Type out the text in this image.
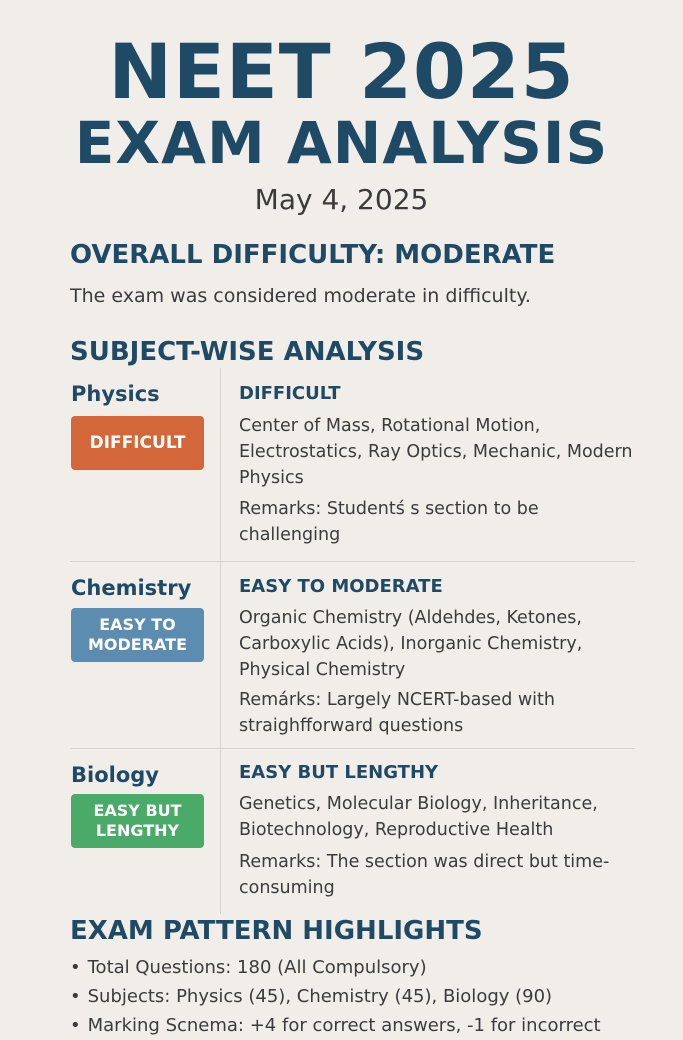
NEET 2025
EXAM ANALYSIS
May 4, 2025
OVERALL DIFFICULTY: MODERATE
The exam was considered moderate in difficulty.
SUBJECT-WISE ANALYSIS
Physics
DIFFICULT
DIFFICULT
Center of Mass, Rotational Motion, Electrostatics, Ray Optics, Mechanic, Modern Physics
Remarks: Studentś s section to be challenging
Chemistry
EASY TO MODERATE
EASY TO MODERATE
Organic Chemistry (Aldehdes, Ketones, Carboxylic Acids), Inorganic Chemistry, Physical Chemistry
Remárks: Largely NCERT-based with straighfforward questions
Biology
EASY BUT LENGTHY
EASY BUT LENGTHY
Genetics, Molecular Biology, Inheritance, Biotechnology, Reproductive Health
Remarks: The section was direct but time-consuming
EXAM PATTERN HIGHLIGHTS
• Total Questions: 180 (All Compulsory)
• Subjects: Physics (45), Chemistry (45), Biology (90)
• Marking Scnema: +4 for correct answers, -1 for incorrect
